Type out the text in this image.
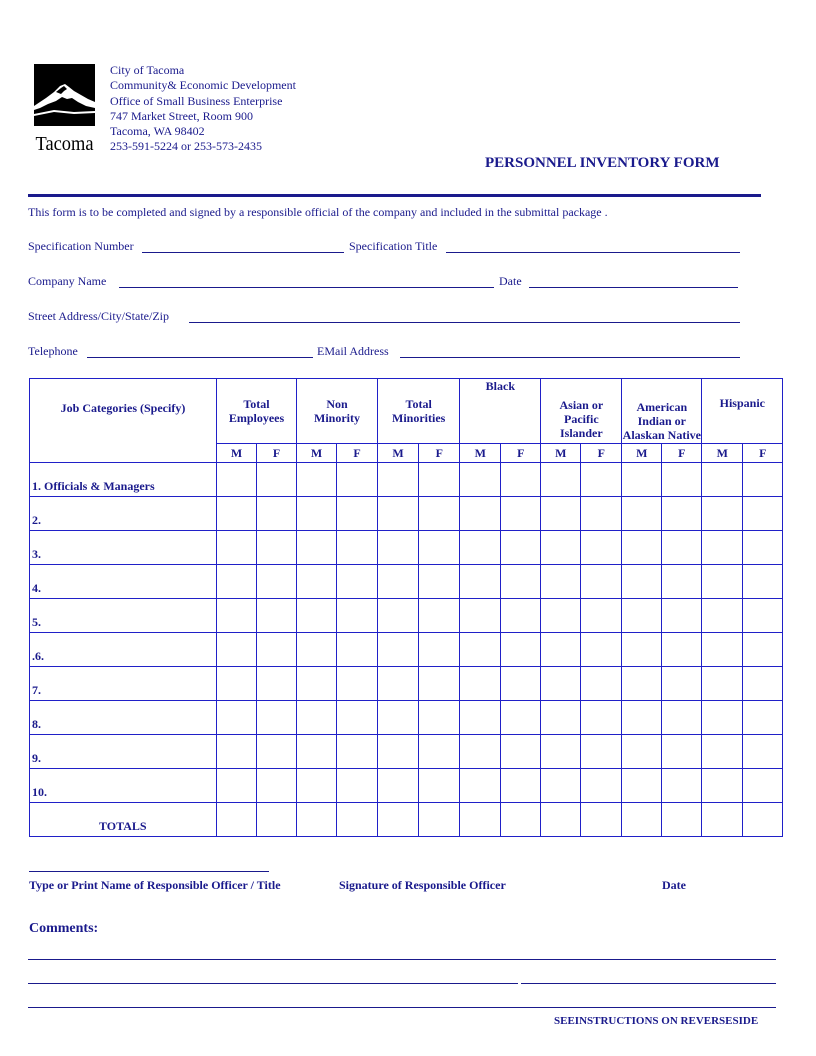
Tacoma
City of Tacoma
Community& Economic Development
Office of Small Business Enterprise
747 Market Street, Room 900
Tacoma, WA 98402
253-591-5224 or 253-573-2435
PERSONNEL INVENTORY FORM
This form is to be completed and signed by a responsible official of the company and included in the submittal package .
Specification Number	Specification Title
Company Name	Date
Street Address/City/State/Zip
Telephone	EMail Address
Job Categories (Specify)	Total Employees		Non Minority		Total Minorities		Black		Asian or Pacific Islander		American Indian or Alaskan Native		Hispanic	

	M	F	M	F	M	F	M	F	M	F	M	F	M	F
1. Officials & Managers														
2.														
3.														
4.														
5.														
.6.														
7.														
8.														
9.														
10.														
TOTALS														
Type or Print Name of Responsible Officer / Title	Signature of Responsible Officer	Date
Comments:
SEEINSTRUCTIONS ON REVERSESIDE
